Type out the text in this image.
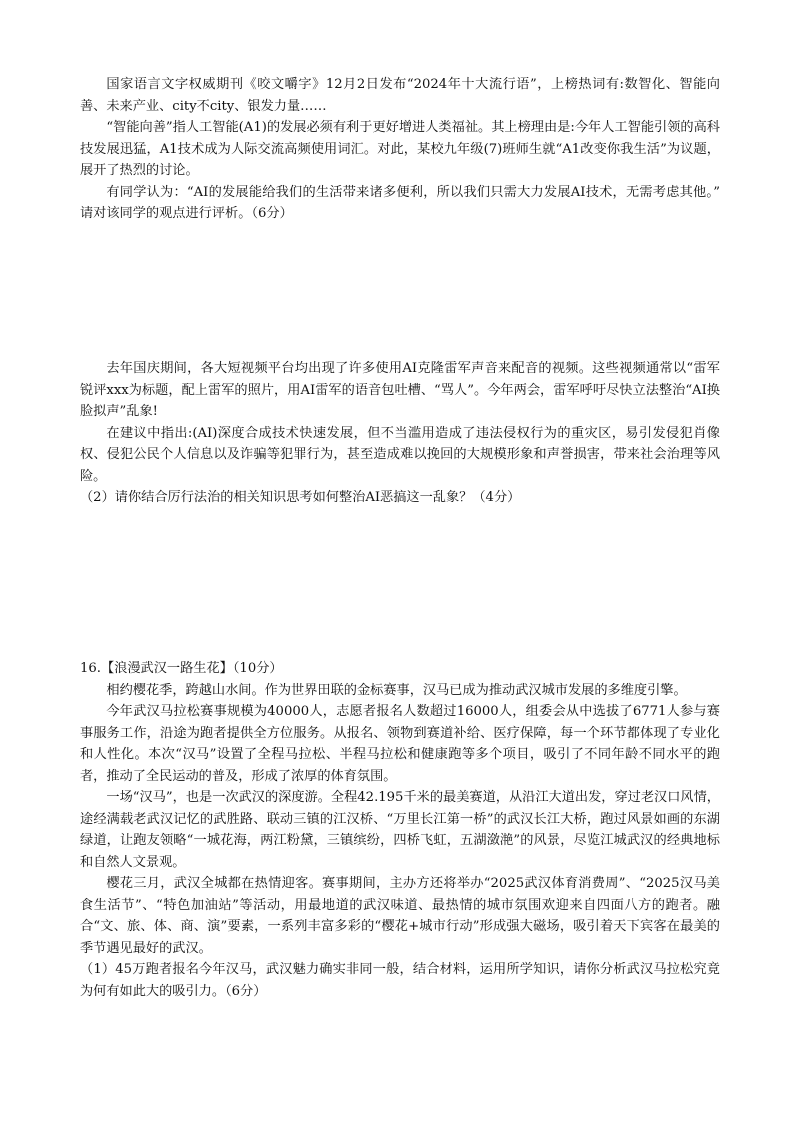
国家语言文字权威期刊《咬文嚼字》12月2日发布“2024年十大流行语”，上榜热词有:数智化、智能向善、未来产业、city不city、银发力量……

“智能向善”指人工智能(A1)的发展必须有利于更好增进人类福祉。其上榜理由是:今年人工智能引领的高科技发展迅猛，A1技术成为人际交流高频使用词汇。对此，某校九年级(7)班师生就“A1改变你我生活”为议题，展开了热烈的讨论。

有同学认为：“AI的发展能给我们的生活带来诸多便利，所以我们只需大力发展AI技术，无需考虑其他。” 请对该同学的观点进行评析。（6分）

去年国庆期间，各大短视频平台均出现了许多使用AI克隆雷军声音来配音的视频。这些视频通常以“雷军锐评xxx为标题，配上雷军的照片，用AI雷军的语音包吐槽、“骂人”。今年两会，雷军呼吁尽快立法整治“AI换脸拟声”乱象!

在建议中指出:(AI)深度合成技术快速发展，但不当滥用造成了违法侵权行为的重灾区，易引发侵犯肖像权、侵犯公民个人信息以及诈骗等犯罪行为，甚至造成难以挽回的大规模形象和声誉损害，带来社会治理等风险。

（2）请你结合厉行法治的相关知识思考如何整治AI恶搞这一乱象？（4分）

16.【浪漫武汉一路生花】（10分）

相约樱花季，跨越山水间。作为世界田联的金标赛事，汉马已成为推动武汉城市发展的多维度引擎。

今年武汉马拉松赛事规模为40000人，志愿者报名人数超过16000人，组委会从中选拔了6771人参与赛事服务工作，沿途为跑者提供全方位服务。从报名、领物到赛道补给、医疗保障，每一个环节都体现了专业化和人性化。本次“汉马”设置了全程马拉松、半程马拉松和健康跑等多个项目，吸引了不同年龄不同水平的跑者，推动了全民运动的普及，形成了浓厚的体育氛围。

一场“汉马”，也是一次武汉的深度游。全程42.195千米的最美赛道，从沿江大道出发，穿过老汉口风情，途经满载老武汉记忆的武胜路、联动三镇的江汉桥、“万里长江第一桥”的武汉长江大桥，跑过风景如画的东湖绿道，让跑友领略“一城花海，两江粉黛，三镇缤纷，四桥飞虹，五湖潋滟”的风景，尽览江城武汉的经典地标和自然人文景观。

樱花三月，武汉全城都在热情迎客。赛事期间，主办方还将举办“2025武汉体育消费周”、“2025汉马美食生活节”、“特色加油站”等活动，用最地道的武汉味道、最热情的城市氛围欢迎来自四面八方的跑者。融合“文、旅、体、商、演”要素，一系列丰富多彩的“樱花+城市行动”形成强大磁场，吸引着天下宾客在最美的季节遇见最好的武汉。

（1）45万跑者报名今年汉马，武汉魅力确实非同一般，结合材料，运用所学知识，请你分析武汉马拉松究竟为何有如此大的吸引力。（6分）
